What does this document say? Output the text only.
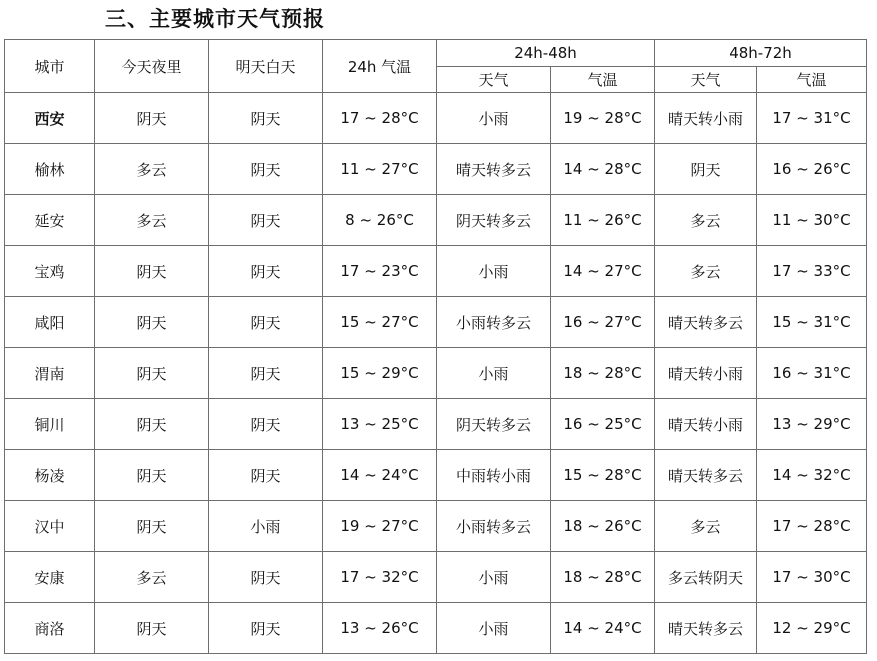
三、主要城市天气预报
城市	今天夜里	明天白天	24h 气温	24h-48h		48h-72h	
				天气	气温	天气	气温
西安	阴天	阴天	17 ~ 28°C	小雨	19 ~ 28°C	晴天转小雨	17 ~ 31°C
榆林	多云	阴天	11 ~ 27°C	晴天转多云	14 ~ 28°C	阴天	16 ~ 26°C
延安	多云	阴天	8 ~ 26°C	阴天转多云	11 ~ 26°C	多云	11 ~ 30°C
宝鸡	阴天	阴天	17 ~ 23°C	小雨	14 ~ 27°C	多云	17 ~ 33°C
咸阳	阴天	阴天	15 ~ 27°C	小雨转多云	16 ~ 27°C	晴天转多云	15 ~ 31°C
渭南	阴天	阴天	15 ~ 29°C	小雨	18 ~ 28°C	晴天转小雨	16 ~ 31°C
铜川	阴天	阴天	13 ~ 25°C	阴天转多云	16 ~ 25°C	晴天转小雨	13 ~ 29°C
杨凌	阴天	阴天	14 ~ 24°C	中雨转小雨	15 ~ 28°C	晴天转多云	14 ~ 32°C
汉中	阴天	小雨	19 ~ 27°C	小雨转多云	18 ~ 26°C	多云	17 ~ 28°C
安康	多云	阴天	17 ~ 32°C	小雨	18 ~ 28°C	多云转阴天	17 ~ 30°C
商洛	阴天	阴天	13 ~ 26°C	小雨	14 ~ 24°C	晴天转多云	12 ~ 29°C
